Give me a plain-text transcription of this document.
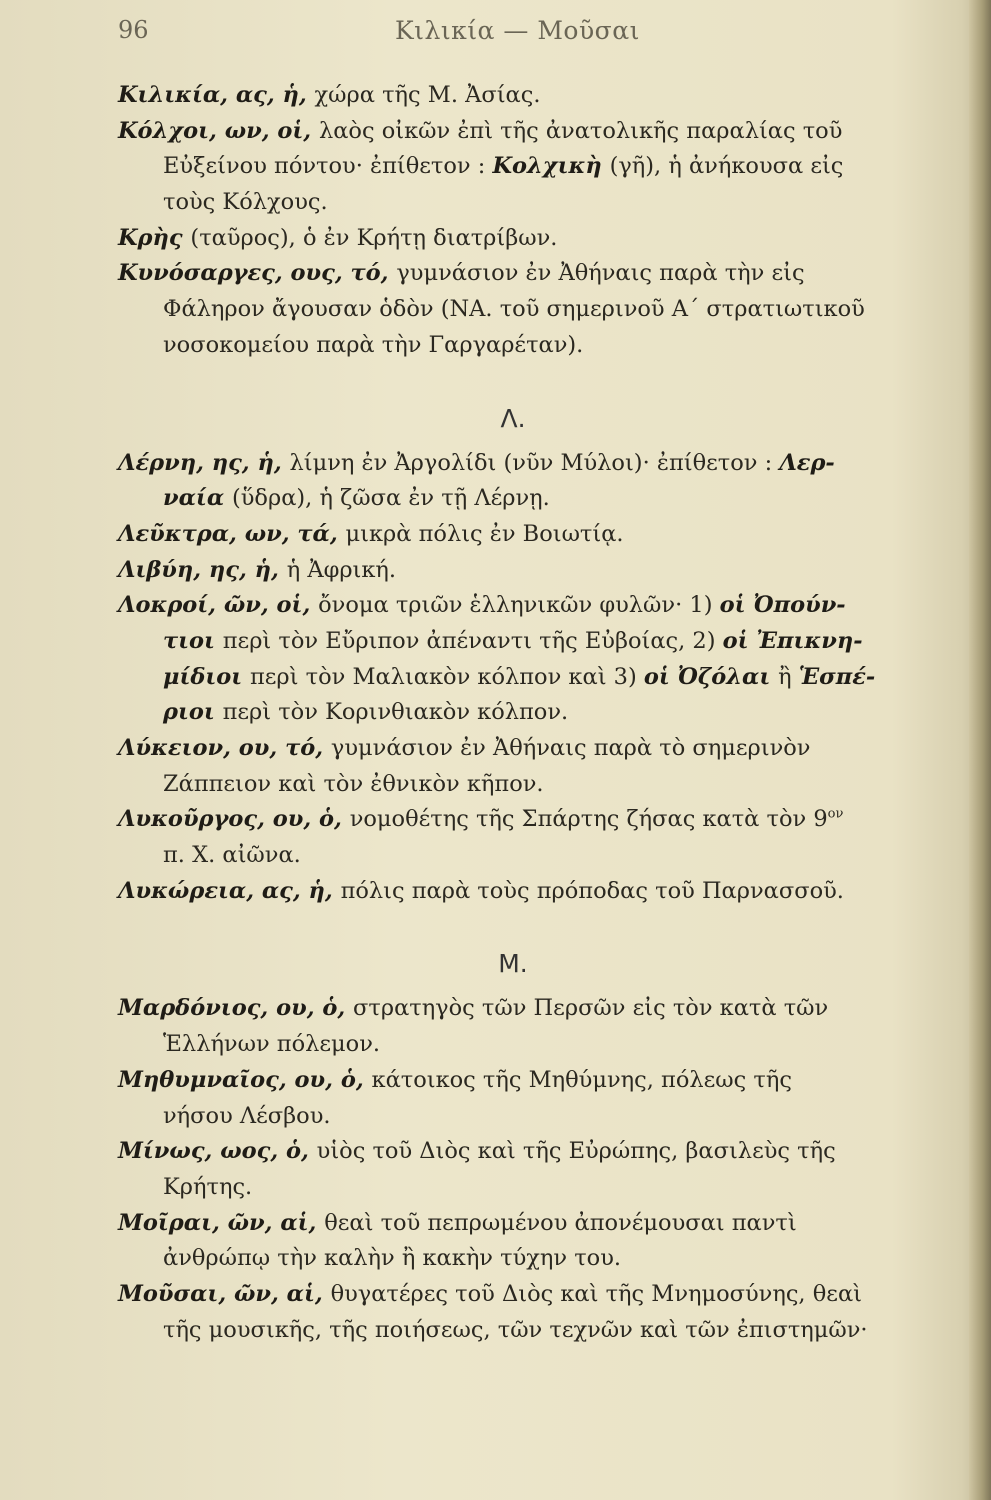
96	Κιλικία — Μοῦσαι
Κιλικία, ας, ἡ, χώρα τῆς Μ. Ἀσίας.
Κόλχοι, ων, οἱ, λαὸς οἰκῶν ἐπὶ τῆς ἀνατολικῆς παραλίας τοῦ
Εὐξείνου πόντου· ἐπίθετον : Κολχικὴ (γῆ), ἡ ἀνήκουσα εἰς
τοὺς Κόλχους.
Κρὴς (ταῦρος), ὁ ἐν Κρήτῃ διατρίβων.
Κυνόσαργες, ους, τό, γυμνάσιον ἐν Ἀθήναις παρὰ τὴν εἰς
Φάληρον ἄγουσαν ὁδὸν (ΝΑ. τοῦ σημερινοῦ Α΄ στρατιωτικοῦ
νοσοκομείου παρὰ τὴν Γαργαρέταν).
Λ.
Λέρνη, ης, ἡ, λίμνη ἐν Ἀργολίδι (νῦν Μύλοι)· ἐπίθετον : Λερ-
ναία (ὕδρα), ἡ ζῶσα ἐν τῇ Λέρνῃ.
Λεῦκτρα, ων, τά, μικρὰ πόλις ἐν Βοιωτίᾳ.
Λιβύη, ης, ἡ, ἡ Ἀφρική.
Λοκροί, ῶν, οἱ, ὄνομα τριῶν ἑλληνικῶν φυλῶν· 1) οἱ Ὀπούν-
τιοι περὶ τὸν Εὔριπον ἀπέναντι τῆς Εὐβοίας, 2) οἱ Ἐπικνη-
μίδιοι περὶ τὸν Μαλιακὸν κόλπον καὶ 3) οἱ Ὀζόλαι ἢ Ἑσπέ-
ριοι περὶ τὸν Κορινθιακὸν κόλπον.
Λύκειον, ου, τό, γυμνάσιον ἐν Ἀθήναις παρὰ τὸ σημερινὸν
Ζάππειον καὶ τὸν ἐθνικὸν κῆπον.
Λυκοῦργος, ου, ὁ, νομοθέτης τῆς Σπάρτης ζήσας κατὰ τὸν $9^{o\nu}$
π. Χ. αἰῶνα.
Λυκώρεια, ας, ἡ, πόλις παρὰ τοὺς πρόποδας τοῦ Παρνασσοῦ.
Μ.
Μαρδόνιος, ου, ὁ, στρατηγὸς τῶν Περσῶν εἰς τὸν κατὰ τῶν
Ἑλλήνων πόλεμον.
Μηθυμναῖος, ου, ὁ, κάτοικος τῆς Μηθύμνης, πόλεως τῆς
νήσου Λέσβου.
Μίνως, ωος, ὁ, υἱὸς τοῦ Διὸς καὶ τῆς Εὐρώπης, βασιλεὺς τῆς
Κρήτης.
Μοῖραι, ῶν, αἱ, θεαὶ τοῦ πεπρωμένου ἀπονέμουσαι παντὶ
ἀνθρώπῳ τὴν καλὴν ἢ κακὴν τύχην του.
Μοῦσαι, ῶν, αἱ, θυγατέρες τοῦ Διὸς καὶ τῆς Μνημοσύνης, θεαὶ
τῆς μουσικῆς, τῆς ποιήσεως, τῶν τεχνῶν καὶ τῶν ἐπιστημῶν·
